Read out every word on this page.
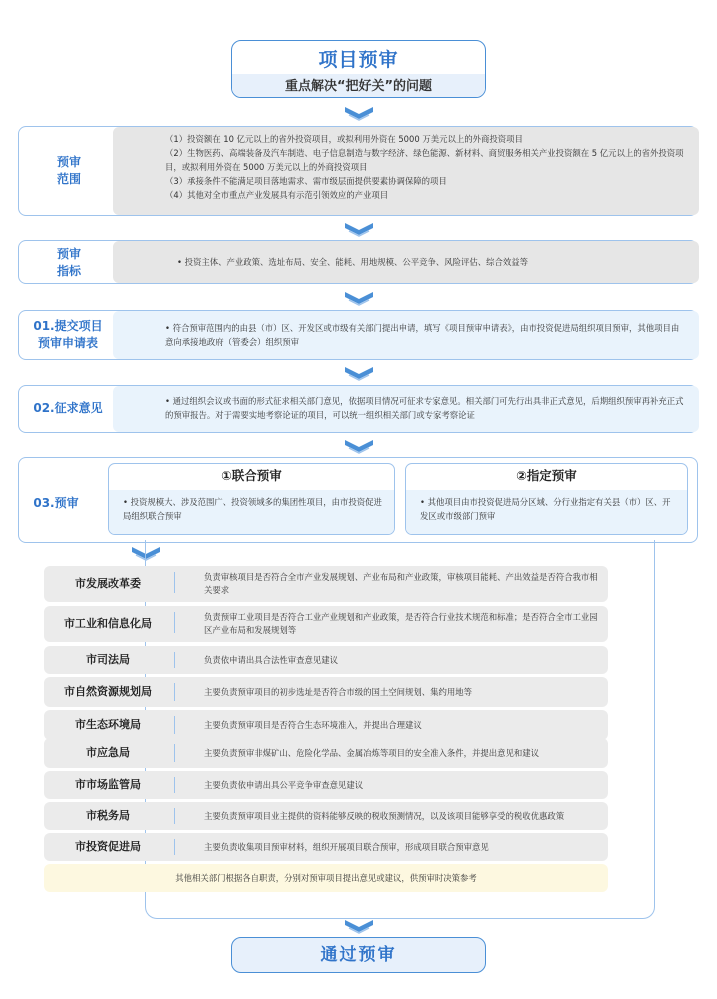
项目预审
重点解决“把好关”的问题
预审
范围
（1）投资额在 10 亿元以上的省外投资项目，或拟利用外资在 5000 万美元以上的外商投资项目
（2）生物医药、高端装备及汽车制造、电子信息制造与数字经济、绿色能源、新材料、商贸服务相关产业投资额在 5 亿元以上的省外投资项目，或拟利用外资在 5000 万美元以上的外商投资项目
（3）承接条件不能满足项目落地需求、需市级层面提供要素协调保障的项目
（4）其他对全市重点产业发展具有示范引领效应的产业项目
预审
指标
• 投资主体、产业政策、选址布局、安全、能耗、用地规模、公平竞争、风险评估、综合效益等
01.提交项目
预审申请表
• 符合预审范围内的由县（市）区、开发区或市级有关部门提出申请，填写《项目预审申请表》，由市投资促进局组织项目预审，其他项目由意向承接地政府（管委会）组织预审
02.征求意见	• 通过组织会议或书面的形式征求相关部门意见，依据项目情况可征求专家意见。相关部门可先行出具非正式意见，后期组织预审再补充正式的预审报告。对于需要实地考察论证的项目，可以统一组织相关部门或专家考察论证
03.预审
①联合预审
• 投资规模大、涉及范围广、投资领域多的集团性项目，由市投资促进局组织联合预审
②指定预审
• 其他项目由市投资促进局分区域、分行业指定有关县（市）区、开发区或市级部门预审
市发展改革委	负责审核项目是否符合全市产业发展规划、产业布局和产业政策，审核项目能耗、产出效益是否符合我市相关要求
市工业和信息化局	负责预审工业项目是否符合工业产业规划和产业政策，是否符合行业技术规范和标准；是否符合全市工业园区产业布局和发展规划等
市司法局	负责依申请出具合法性审查意见建议
市自然资源规划局	主要负责预审项目的初步选址是否符合市级的国土空间规划、集约用地等
市生态环境局	主要负责预审项目是否符合生态环境准入，并提出合理建议
市应急局	主要负责预审非煤矿山、危险化学品、金属冶炼等项目的安全准入条件，并提出意见和建议
市市场监管局	主要负责依申请出具公平竞争审查意见建议
市税务局	主要负责预审项目业主提供的资料能够反映的税收预测情况，以及该项目能够享受的税收优惠政策
市投资促进局	主要负责收集项目预审材料，组织开展项目联合预审，形成项目联合预审意见
其他相关部门根据各自职责，分别对预审项目提出意见或建议，供预审时决策参考
通过预审
